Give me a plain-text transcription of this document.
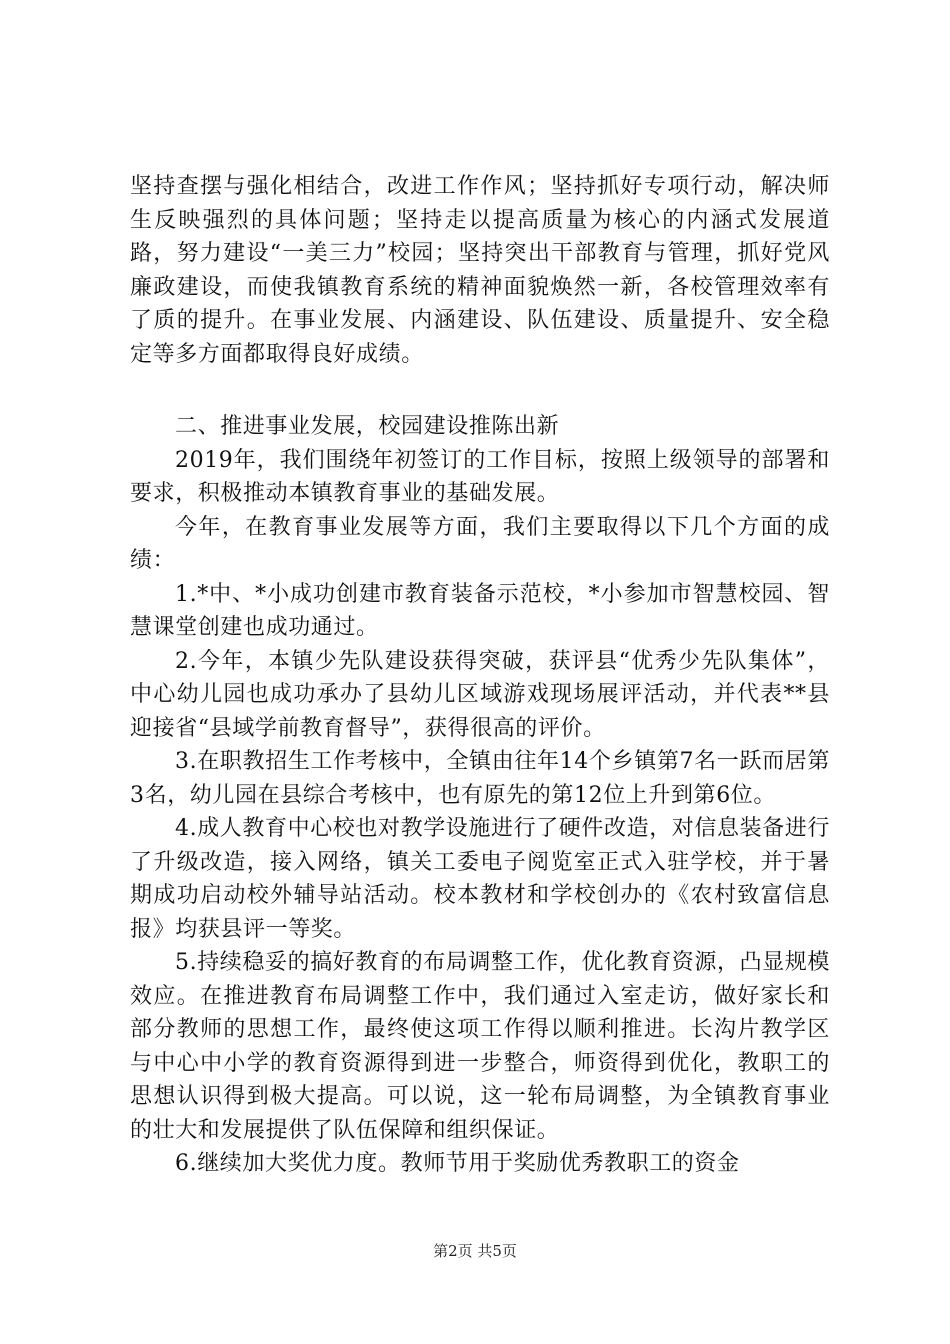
坚持查摆与强化相结合，改进工作作风；坚持抓好专项行动，解决师生反映强烈的具体问题；坚持走以提高质量为核心的内涵式发展道路，努力建设“一美三力”校园；坚持突出干部教育与管理，抓好党风廉政建设，而使我镇教育系统的精神面貌焕然一新，各校管理效率有了质的提升。在事业发展、内涵建设、队伍建设、质量提升、安全稳定等多方面都取得良好成绩。

二、推进事业发展，校园建设推陈出新

2019年，我们围绕年初签订的工作目标，按照上级领导的部署和要求，积极推动本镇教育事业的基础发展。

今年，在教育事业发展等方面，我们主要取得以下几个方面的成绩：

1.*中、*小成功创建市教育装备示范校，*小参加市智慧校园、智慧课堂创建也成功通过。

2.今年，本镇少先队建设获得突破，获评县“优秀少先队集体”，中心幼儿园也成功承办了县幼儿区域游戏现场展评活动，并代表**县迎接省“县域学前教育督导”，获得很高的评价。

3.在职教招生工作考核中，全镇由往年14个乡镇第7名一跃而居第3名，幼儿园在县综合考核中，也有原先的第12位上升到第6位。

4.成人教育中心校也对教学设施进行了硬件改造，对信息装备进行了升级改造，接入网络，镇关工委电子阅览室正式入驻学校，并于暑期成功启动校外辅导站活动。校本教材和学校创办的《农村致富信息报》均获县评一等奖。

5.持续稳妥的搞好教育的布局调整工作，优化教育资源，凸显规模效应。在推进教育布局调整工作中，我们通过入室走访，做好家长和部分教师的思想工作，最终使这项工作得以顺利推进。长沟片教学区与中心中小学的教育资源得到进一步整合，师资得到优化，教职工的思想认识得到极大提高。可以说，这一轮布局调整，为全镇教育事业的壮大和发展提供了队伍保障和组织保证。

6.继续加大奖优力度。教师节用于奖励优秀教职工的资金

第2页 共5页
